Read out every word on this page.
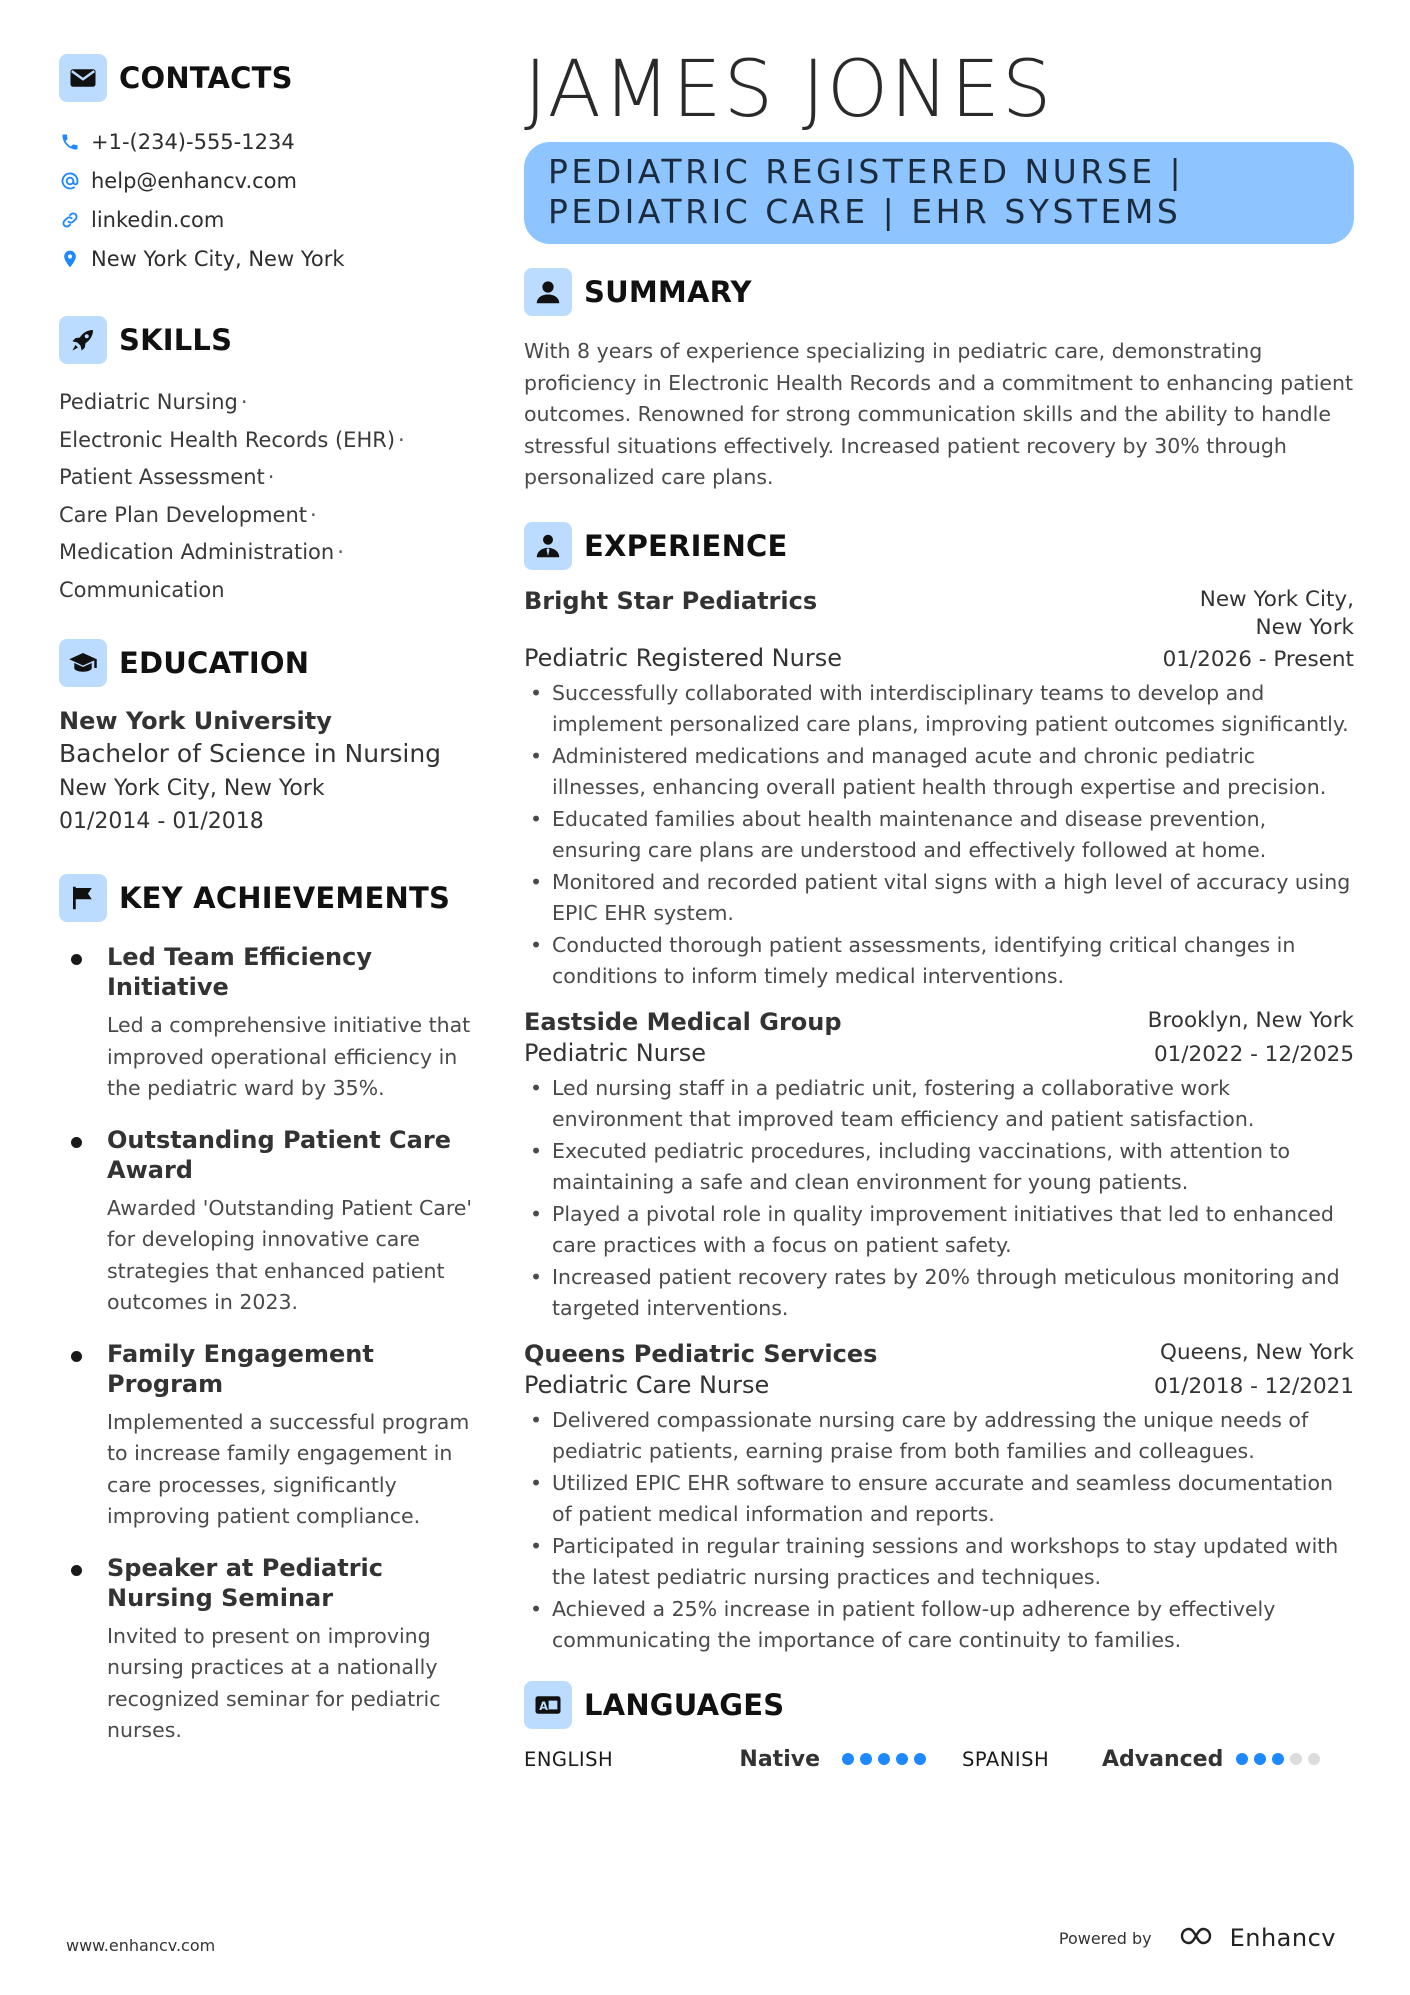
CONTACTS
+1-(234)-555-1234
help@enhancv.com
linkedin.com
New York City, New York
SKILLS
Pediatric Nursing ·
Electronic Health Records (EHR) ·
Patient Assessment ·
Care Plan Development ·
Medication Administration ·
Communication
EDUCATION
New York University
Bachelor of Science in Nursing
New York City, New York
01/2014 - 01/2018
KEY ACHIEVEMENTS
Led Team Efficiency Initiative
Led a comprehensive initiative that improved operational efficiency in the pediatric ward by 35%.
Outstanding Patient Care Award
Awarded 'Outstanding Patient Care' for developing innovative care strategies that enhanced patient outcomes in 2023.
Family Engagement Program
Implemented a successful program to increase family engagement in care processes, significantly improving patient compliance.
Speaker at Pediatric Nursing Seminar
Invited to present on improving nursing practices at a nationally recognized seminar for pediatric nurses.
JAMES JONES
PEDIATRIC REGISTERED NURSE |
PEDIATRIC CARE | EHR SYSTEMS
SUMMARY

With 8 years of experience specializing in pediatric care, demonstrating proficiency in Electronic Health Records and a commitment to enhancing patient outcomes. Renowned for strong communication skills and the ability to handle stressful situations effectively. Increased patient recovery by 30% through personalized care plans.

EXPERIENCE
Bright Star Pediatrics	New York City,
New York
Pediatric Registered Nurse	01/2026 - Present
• Successfully collaborated with interdisciplinary teams to develop and implement personalized care plans, improving patient outcomes significantly.
• Administered medications and managed acute and chronic pediatric illnesses, enhancing overall patient health through expertise and precision.
• Educated families about health maintenance and disease prevention, ensuring care plans are understood and effectively followed at home.
• Monitored and recorded patient vital signs with a high level of accuracy using EPIC EHR system.
• Conducted thorough patient assessments, identifying critical changes in conditions to inform timely medical interventions.
Eastside Medical Group	Brooklyn, New York
Pediatric Nurse	01/2022 - 12/2025
• Led nursing staff in a pediatric unit, fostering a collaborative work environment that improved team efficiency and patient satisfaction.
• Executed pediatric procedures, including vaccinations, with attention to maintaining a safe and clean environment for young patients.
• Played a pivotal role in quality improvement initiatives that led to enhanced care practices with a focus on patient safety.
• Increased patient recovery rates by 20% through meticulous monitoring and targeted interventions.
Queens Pediatric Services	Queens, New York
Pediatric Care Nurse	01/2018 - 12/2021
• Delivered compassionate nursing care by addressing the unique needs of pediatric patients, earning praise from both families and colleagues.
• Utilized EPIC EHR software to ensure accurate and seamless documentation of patient medical information and reports.
• Participated in regular training sessions and workshops to stay updated with the latest pediatric nursing practices and techniques.
• Achieved a 25% increase in patient follow-up adherence by effectively communicating the importance of care continuity to families.
A LANGUAGES
ENGLISH	Native	SPANISH	Advanced
www.enhancv.com	Powered by	Enhancv
